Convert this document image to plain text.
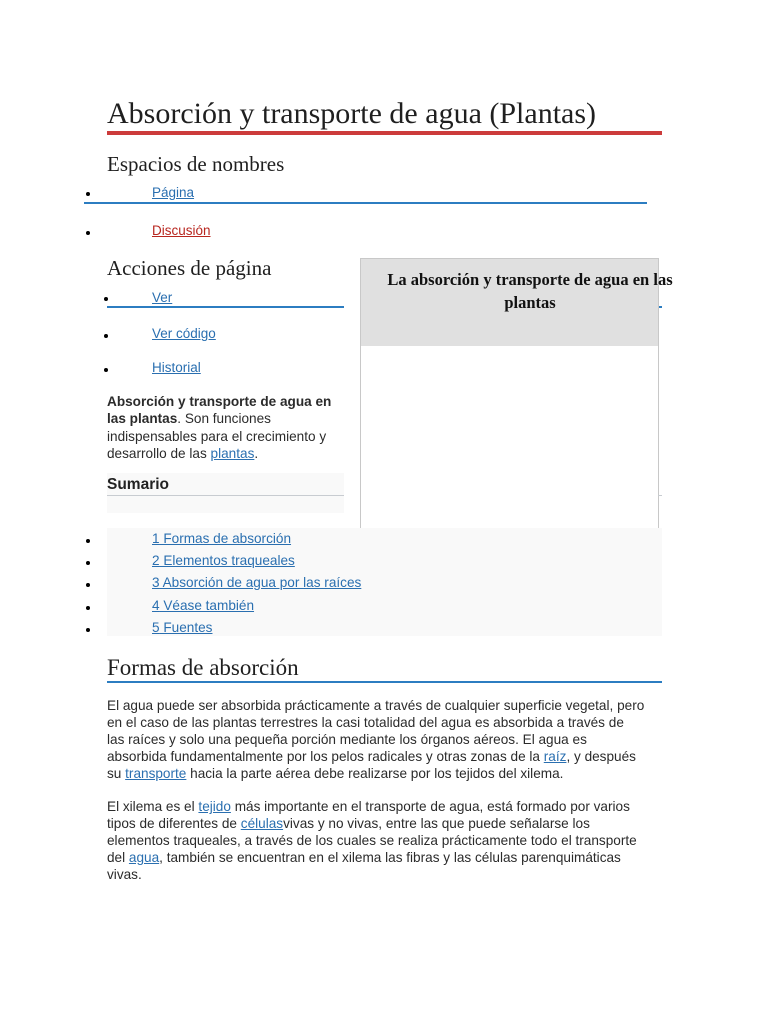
Absorción y transporte de agua (Plantas)
Espacios de nombres
Página
Discusión
Acciones de página
Ver
Ver código
Historial
Absorción y transporte de agua en las plantas. Son funciones indispensables para el crecimiento y desarrollo de las plantas.
La absorción y transporte de agua en las plantas
Sumario
1 Formas de absorción
2 Elementos traqueales
3 Absorción de agua por las raíces
4 Véase también
5 Fuentes
Formas de absorción
El agua puede ser absorbida prácticamente a través de cualquier superficie vegetal, pero en el caso de las plantas terrestres la casi totalidad del agua es absorbida a través de las raíces y solo una pequeña porción mediante los órganos aéreos. El agua es absorbida fundamentalmente por los pelos radicales y otras zonas de la raíz, y después su transporte hacia la parte aérea debe realizarse por los tejidos del xilema.
El xilema es el tejido más importante en el transporte de agua, está formado por varios tipos de diferentes de célulasvivas y no vivas, entre las que puede señalarse los elementos traqueales, a través de los cuales se realiza prácticamente todo el transporte del agua, también se encuentran en el xilema las fibras y las células parenquimáticas vivas.
